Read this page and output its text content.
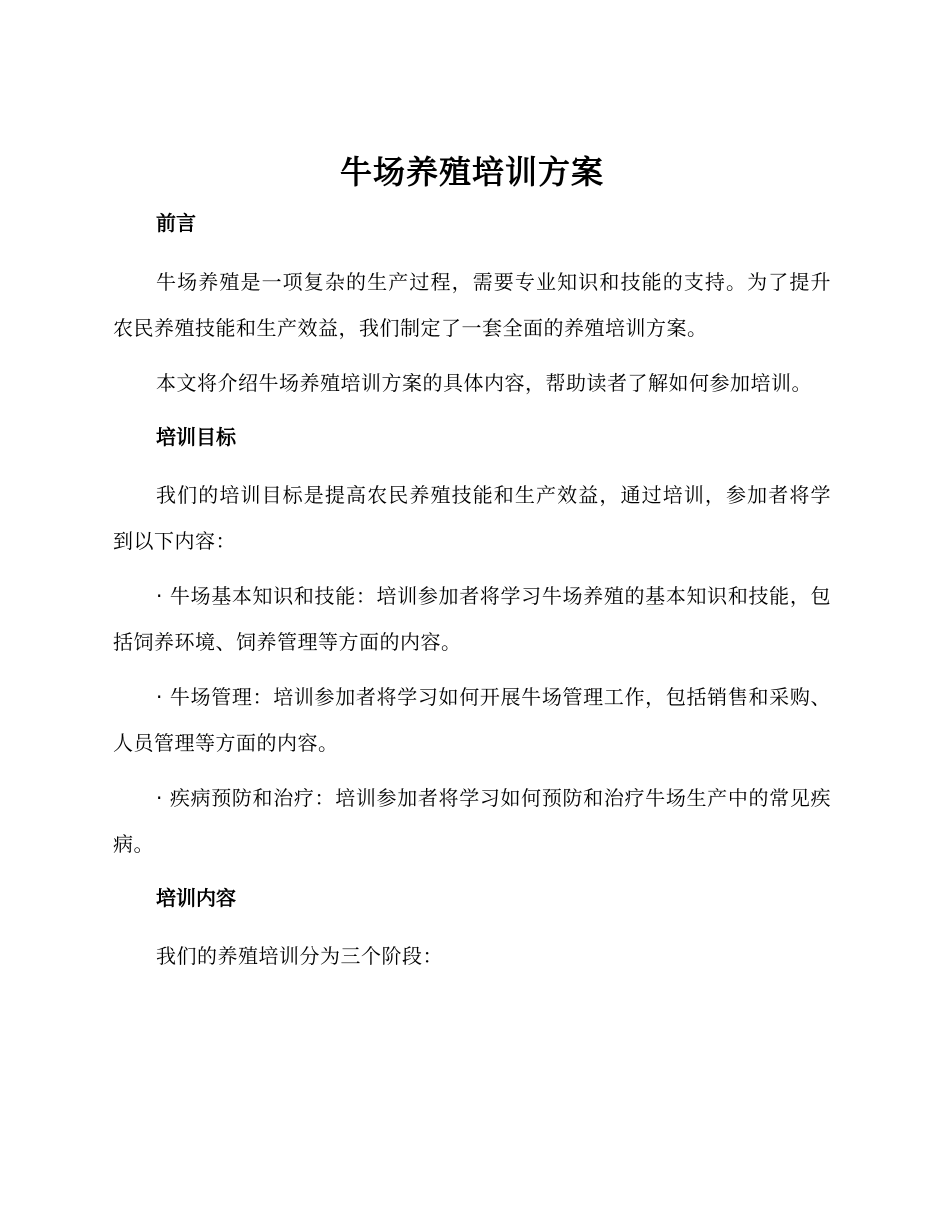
牛场养殖培训方案
前言

牛场养殖是一项复杂的生产过程，需要专业知识和技能的支持。为了提升农民养殖技能和生产效益，我们制定了一套全面的养殖培训方案。

本文将介绍牛场养殖培训方案的具体内容，帮助读者了解如何参加培训。

培训目标

我们的培训目标是提高农民养殖技能和生产效益，通过培训，参加者将学到以下内容：

· 牛场基本知识和技能：培训参加者将学习牛场养殖的基本知识和技能，包括饲养环境、饲养管理等方面的内容。

· 牛场管理：培训参加者将学习如何开展牛场管理工作，包括销售和采购、人员管理等方面的内容。

· 疾病预防和治疗：培训参加者将学习如何预防和治疗牛场生产中的常见疾病。

培训内容

我们的养殖培训分为三个阶段：
